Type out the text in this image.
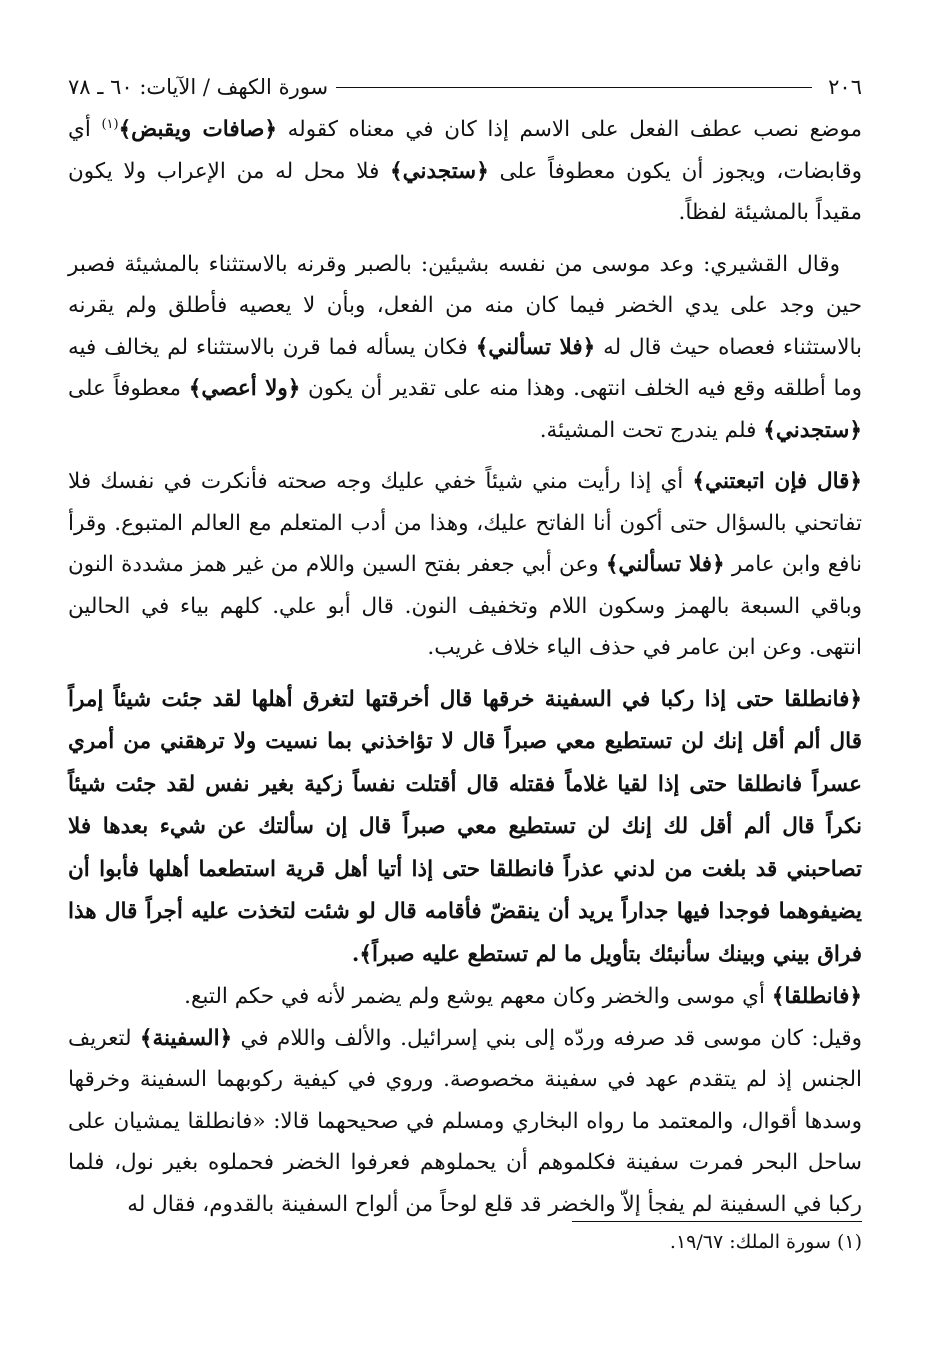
٢٠٦
سورة الكهف / الآيات: ٦٠ ـ ٧٨

موضع نصب عطف الفعل على الاسم إذا كان في معناه كقوله ﴿صافات ويقبض﴾$^{(١)}$ أي وقابضات، ويجوز أن يكون معطوفاً على ﴿ستجدني﴾ فلا محل له من الإعراب ولا يكون مقيداً بالمشيئة لفظاً.

وقال القشيري: وعد موسى من نفسه بشيئين: بالصبر وقرنه بالاستثناء بالمشيئة فصبر حين وجد على يدي الخضر فيما كان منه من الفعل، وبأن لا يعصيه فأطلق ولم يقرنه بالاستثناء فعصاه حيث قال له ﴿فلا تسألني﴾ فكان يسأله فما قرن بالاستثناء لم يخالف فيه وما أطلقه وقع فيه الخلف انتهى. وهذا منه على تقدير أن يكون ﴿ولا أعصي﴾ معطوفاً على ﴿ستجدني﴾ فلم يندرج تحت المشيئة.

﴿قال فإن اتبعتني﴾ أي إذا رأيت مني شيئاً خفي عليك وجه صحته فأنكرت في نفسك فلا تفاتحني بالسؤال حتى أكون أنا الفاتح عليك، وهذا من أدب المتعلم مع العالم المتبوع. وقرأ نافع وابن عامر ﴿فلا تسألني﴾ وعن أبي جعفر بفتح السين واللام من غير همز مشددة النون وباقي السبعة بالهمز وسكون اللام وتخفيف النون. قال أبو علي. كلهم بياء في الحالين انتهى. وعن ابن عامر في حذف الياء خلاف غريب.

﴿فانطلقا حتى إذا ركبا في السفينة خرقها قال أخرقتها لتغرق أهلها لقد جئت شيئاً إمراً قال ألم أقل إنك لن تستطيع معي صبراً قال لا تؤاخذني بما نسيت ولا ترهقني من أمري عسراً فانطلقا حتى إذا لقيا غلاماً فقتله قال أقتلت نفساً زكية بغير نفس لقد جئت شيئاً نكراً قال ألم أقل لك إنك لن تستطيع معي صبراً قال إن سألتك عن شيء بعدها فلا تصاحبني قد بلغت من لدني عذراً فانطلقا حتى إذا أتيا أهل قرية استطعما أهلها فأبوا أن يضيفوهما فوجدا فيها جداراً يريد أن ينقضّ فأقامه قال لو شئت لتخذت عليه أجراً قال هذا فراق بيني وبينك سأنبئك بتأويل ما لم تستطع عليه صبراً﴾.

﴿فانطلقا﴾ أي موسى والخضر وكان معهم يوشع ولم يضمر لأنه في حكم التبع.

وقيل: كان موسى قد صرفه وردّه إلى بني إسرائيل. والألف واللام في ﴿السفينة﴾ لتعريف الجنس إذ لم يتقدم عهد في سفينة مخصوصة. وروي في كيفية ركوبهما السفينة وخرقها وسدها أقوال، والمعتمد ما رواه البخاري ومسلم في صحيحهما قالا: «فانطلقا يمشيان على ساحل البحر فمرت سفينة فكلموهم أن يحملوهم فعرفوا الخضر فحملوه بغير نول، فلما ركبا في السفينة لم يفجأ إلاّ والخضر قد قلع لوحاً من ألواح السفينة بالقدوم، فقال له

(١) سورة الملك: ١٩/٦٧.
